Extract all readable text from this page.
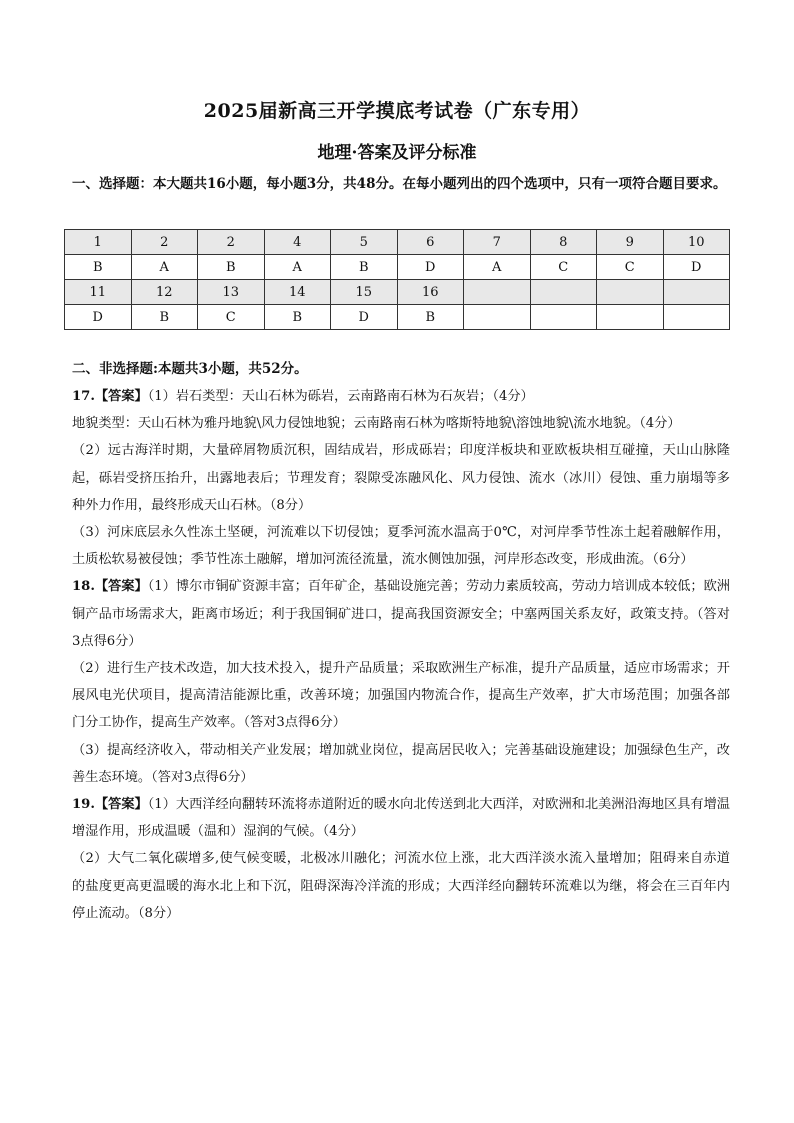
2025届新高三开学摸底考试卷（广东专用）
地理·答案及评分标准
一、选择题：本大题共16小题，每小题3分，共48分。在每小题列出的四个选项中，只有一项符合题目要求。
1	2	2	4	5	6	7	8	9	10
B	A	B	A	B	D	A	C	C	D
11	12	13	14	15	16				
D	B	C	B	D	B				
二、非选择题:本题共3小题，共52分。

17.【答案】（1）岩石类型：天山石林为砾岩，云南路南石林为石灰岩；（4分）

地貌类型：天山石林为雅丹地貌\风力侵蚀地貌；云南路南石林为喀斯特地貌\溶蚀地貌\流水地貌。（4分）

（2）远古海洋时期，大量碎屑物质沉积，固结成岩，形成砾岩；印度洋板块和亚欧板块相互碰撞，天山山脉隆起，砾岩受挤压抬升，出露地表后；节理发育；裂隙受冻融风化、风力侵蚀、流水（冰川）侵蚀、重力崩塌等多种外力作用，最终形成天山石林。（8分）

（3）河床底层永久性冻土坚硬，河流难以下切侵蚀；夏季河流水温高于0℃，对河岸季节性冻土起着融解作用，土质松软易被侵蚀；季节性冻土融解，增加河流径流量，流水侧蚀加强，河岸形态改变，形成曲流。（6分）

18.【答案】（1）博尔市铜矿资源丰富；百年矿企，基础设施完善；劳动力素质较高，劳动力培训成本较低；欧洲铜产品市场需求大，距离市场近；利于我国铜矿进口，提高我国资源安全；中塞两国关系友好，政策支持。（答对3点得6分）

（2）进行生产技术改造，加大技术投入，提升产品质量；采取欧洲生产标准，提升产品质量，适应市场需求；开展风电光伏项目，提高清洁能源比重，改善环境；加强国内物流合作，提高生产效率，扩大市场范围；加强各部门分工协作，提高生产效率。（答对3点得6分）

（3）提高经济收入，带动相关产业发展；增加就业岗位，提高居民收入；完善基础设施建设；加强绿色生产，改善生态环境。（答对3点得6分）

19.【答案】（1）大西洋经向翻转环流将赤道附近的暖水向北传送到北大西洋，对欧洲和北美洲沿海地区具有增温增湿作用，形成温暖（温和）湿润的气候。（4分）

（2）大气二氧化碳增多,使气候变暖，北极冰川融化；河流水位上涨，北大西洋淡水流入量增加；阻碍来自赤道的盐度更高更温暖的海水北上和下沉，阻碍深海冷洋流的形成；大西洋经向翻转环流难以为继，将会在三百年内停止流动。（8分）
